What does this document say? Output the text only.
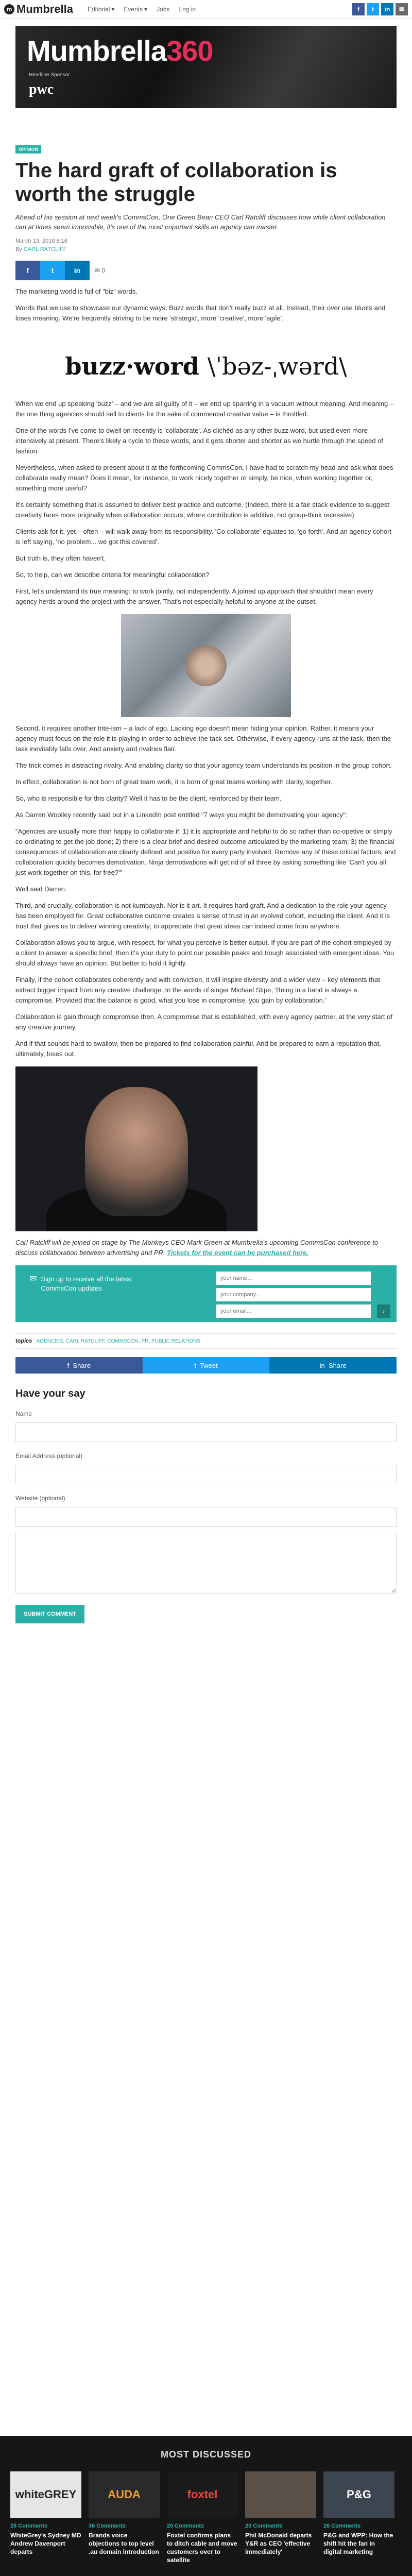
m Mumbrella Editorial ▾ Events ▾ Jobs Log in	f	t	in	✉
Mumbrella360
Headline Sponsor
pwc
OPINION
The hard graft of collaboration is worth the struggle

Ahead of his session at next week's CommsCon, One Green Bean CEO Carl Ratcliff discusses how while client collaboration can at times seem impossible, it's one of the most important skills an agency can master.

March 13, 2018 8:16
By CARL RATCLIFF
f	t	in	✉
0

The marketing world is full of "biz" words.

Words that we use to showcase our dynamic ways. Buzz words that don't really buzz at all. Instead, their over use blunts and loses meaning. We're frequently striving to be more 'strategic', more 'creative', more 'agile'.

buzz·word \ˈbəz-ˌwərd\

When we end up speaking 'buzz' – and we are all guilty of it – we end up sparring in a vacuum without meaning. And meaning – the one thing agencies should sell to clients for the sake of commercial creative value – is throttled.

One of the words I've come to dwell on recently is 'collaborate'. As clichéd as any other buzz word, but used even more intensively at present. There's likely a cycle to these words, and it gets shorter and shorter as we hurtle through the speed of fashion.

Nevertheless, when asked to present about it at the forthcoming CommsCon, I have had to scratch my head and ask what does collaborate really mean? Does it mean, for instance, to work nicely together or simply, be nice, when working together or, something more useful?

It's certainly something that is assumed to deliver best practice and outcome. (Indeed, there is a fair stack evidence to suggest creativity fares more originally when collaboration occurs; where contribution is additive, not group-think recessive).

Clients ask for it, yet – often – will walk away from its responsibility. 'Co collaborate' equates to, 'go forth'. And an agency cohort is left saying, 'no problem... we got this covered'.

But truth is, they often haven't.

So, to help, can we describe criteria for meaningful collaboration?

First, let's understand its true meaning: to work jointly, not independently. A joined up approach that shouldn't mean every agency herds around the project with the answer. That's not especially helpful to anyone at the outset.

Second, it requires another trite-ism – a lack of ego. Lacking ego doesn't mean hiding your opinion. Rather, it means your agency must focus on the role it is playing in order to achieve the task set. Otherwise, if every agency runs at the task, then the task inevitably falls over. And anxiety and rivalries flair.

The trick comes in distracting rivalry. And enabling clarity so that your agency team understands its position in the group cohort.

In effect, collaboration is not born of great team work, it is born of great teams working with clarity, together.

So, who is responsible for this clarity? Well it has to be the client, reinforced by their team.

As Darren Woolley recently said out in a LinkedIn post entitled "7 ways you might be demotivating your agency":

"Agencies are usually more than happy to collaborate if: 1) it is appropriate and helpful to do so rather than co-opetive or simply co-ordinating to get the job done; 2) there is a clear brief and desired outcome articulated by the marketing team; 3) the financial consequences of collaboration are clearly defined and positive for every party involved. Remove any of these critical factors, and collaboration quickly becomes demotivation. Ninja demotivations will get rid of all three by asking something like 'Can't you all just work together on this, for free?'"

Well said Darren.

Third, and crucially, collaboration is not kumbayah. Nor is it art. It requires hard graft. And a dedication to the role your agency has been employed for. Great collaborative outcome creates a sense of trust in an evolved cohort, including the client. And it is trust that gives us to deliver winning creativity; to appreciate that great ideas can indeed come from anywhere.

Collaboration allows you to argue, with respect, for what you perceive is better output. If you are part of the cohort employed by a client to answer a specific brief, then it's your duty to point our possible peaks and trough associated with emergent ideas. You should always have an opinion. But better to hold it lightly.

Finally, if the cohort collaborates coherently and with conviction, it will inspire diversity and a wider view – key elements that extract bigger impact from any creative challenge. In the words of singer Michael Stipe, 'Being in a band is always a compromise. Provided that the balance is good, what you lose in compromise, you gain by collaboration.'

Collaboration is gain through compromise then. A compromise that is established, with every agency partner, at the very start of any creative journey.

And if that sounds hard to swallow, then be prepared to find collaboration painful. And be prepared to earn a reputation that, ultimately, loses out.

Carl Ratcliff will be joined on stage by The Monkeys CEO Mark Green at Mumbrella's upcoming CommsCon conference to discuss collaboration between advertising and PR. Tickets for the event can be purchased here.

✉ Sign up to receive all the latest CommsCon updates
your name...
your company...
your email...
›
topics AGENCIES, CARL RATCLIFF, COMMSCON, PR, PUBLIC RELATIONS
f Share	t Tweet	in Share
Have your say
Name
Email Address (optional)
Website (optional)
SUBMIT COMMENT
MOST DISCUSSED
whiteGREY
28 Comments
WhiteGrey's Sydney MD Andrew Davenport departs
AUDA
36 Comments
Brands voice objections to top level .au domain introduction
foxtel
20 Comments
Foxtel confirms plans to ditch cable and move customers over to satellite
20 Comments
Phil McDonald departs Y&R as CEO 'effective immediately'
P&G
26 Comments
P&G and WPP: How the shift hit the fan in digital marketing
